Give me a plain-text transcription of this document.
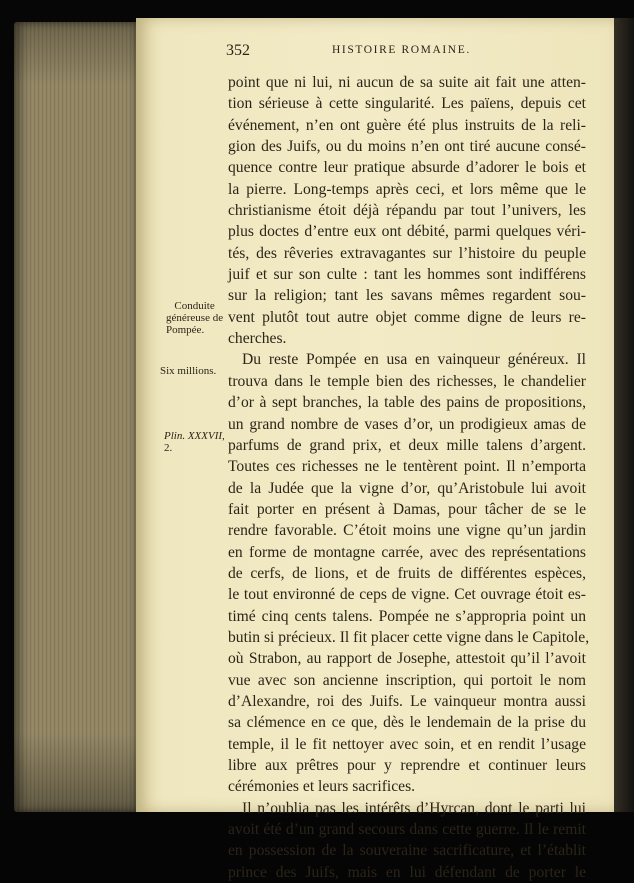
352	HISTOIRE ROMAINE.
Conduite
généreuse de
Pompée.
Six millions.
Plin. XXXVII,
2.
point que ni lui, ni aucun de sa suite ait fait une atten-
tion sérieuse à cette singularité. Les païens, depuis cet
événement, n’en ont guère été plus instruits de la reli-
gion des Juifs, ou du moins n’en ont tiré aucune consé-
quence contre leur pratique absurde d’adorer le bois et
la pierre. Long-temps après ceci, et lors même que le
christianisme étoit déjà répandu par tout l’univers, les
plus doctes d’entre eux ont débité, parmi quelques véri-
tés, des rêveries extravagantes sur l’histoire du peuple
juif et sur son culte : tant les hommes sont indifférens
sur la religion; tant les savans mêmes regardent sou-
vent plutôt tout autre objet comme digne de leurs re-
cherches.
Du reste Pompée en usa en vainqueur généreux. Il
trouva dans le temple bien des richesses, le chandelier
d’or à sept branches, la table des pains de propositions,
un grand nombre de vases d’or, un prodigieux amas de
parfums de grand prix, et deux mille talens d’argent.
Toutes ces richesses ne le tentèrent point. Il n’emporta
de la Judée que la vigne d’or, qu’Aristobule lui avoit
fait porter en présent à Damas, pour tâcher de se le
rendre favorable. C’étoit moins une vigne qu’un jardin
en forme de montagne carrée, avec des représentations
de cerfs, de lions, et de fruits de différentes espèces,
le tout environné de ceps de vigne. Cet ouvrage étoit es-
timé cinq cents talens. Pompée ne s’appropria point un
butin si précieux. Il fit placer cette vigne dans le Capitole,
où Strabon, au rapport de Josephe, attestoit qu’il l’avoit
vue avec son ancienne inscription, qui portoit le nom
d’Alexandre, roi des Juifs. Le vainqueur montra aussi
sa clémence en ce que, dès le lendemain de la prise du
temple, il le fit nettoyer avec soin, et en rendit l’usage
libre aux prêtres pour y reprendre et continuer leurs
cérémonies et leurs sacrifices.
Il n’oublia pas les intérêts d’Hyrcan, dont le parti lui
avoit été d’un grand secours dans cette guerre. Il le remit
en possession de la souveraine sacrificature, et l’établit
prince des Juifs, mais en lui défendant de porter le
